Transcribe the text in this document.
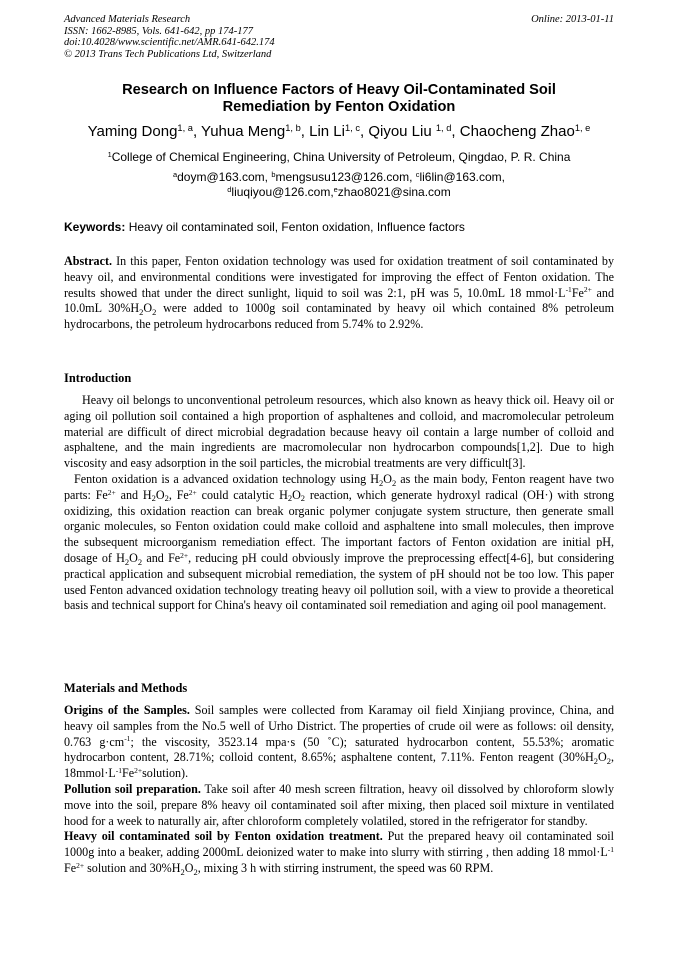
Advanced Materials Research
ISSN: 1662-8985, Vols. 641-642, pp 174-177
doi:10.4028/www.scientific.net/AMR.641-642.174
© 2013 Trans Tech Publications Ltd, Switzerland
Online: 2013-01-11
Research on Influence Factors of Heavy Oil-Contaminated Soil
Remediation by Fenton Oxidation
Yaming Dong$^{1, a}$, Yuhua Meng$^{1, b}$, Lin Li$^{1, c}$, Qiyou Liu $^{1, d}$, Chaocheng Zhao$^{1, e}$
$^1$College of Chemical Engineering, China University of Petroleum, Qingdao, P. R. China
$^a$doym@163.com, $^b$mengsusu123@126.com, $^c$li6lin@163.com,
$^d$liuqiyou@126.com,$^e$zhao8021@sina.com
Keywords: Heavy oil contaminated soil, Fenton oxidation, Influence factors
Abstract. In this paper, Fenton oxidation technology was used for oxidation treatment of soil contaminated by heavy oil, and environmental conditions were investigated for improving the effect of Fenton oxidation. The results showed that under the direct sunlight, liquid to soil was 2:1, pH was 5, 10.0mL 18 $mmol\cdot L^{-1}Fe^{2+}$ and 10.0mL $30\%H_2O_2$ were added to 1000g soil contaminated by heavy oil which contained 8% petroleum hydrocarbons, the petroleum hydrocarbons reduced from 5.74% to 2.92%.
Introduction

Heavy oil belongs to unconventional petroleum resources, which also known as heavy thick oil. Heavy oil or aging oil pollution soil contained a high proportion of asphaltenes and colloid, and macromolecular petroleum material are difficult of direct microbial degradation because heavy oil contain a large number of colloid and asphaltene, and the main ingredients are macromolecular non hydrocarbon compounds[1,2]. Due to high viscosity and easy adsorption in the soil particles, the microbial treatments are very difficult[3].

Fenton oxidation is a advanced oxidation technology using $H_2O_2$ as the main body, Fenton reagent have two parts: $Fe^{2+}$ and $H_2O_2$, $Fe^{2+}$ could catalytic $H_2O_2$ reaction, which generate hydroxyl radical (OH·) with strong oxidizing, this oxidation reaction can break organic polymer conjugate system structure, then generate small organic molecules, so Fenton oxidation could make colloid and asphaltene into small molecules, then improve the subsequent microorganism remediation effect. The important factors of Fenton oxidation are initial pH, dosage of $H_2O_2$ and $Fe^{2+}$, reducing pH could obviously improve the preprocessing effect[4-6], but considering practical application and subsequent microbial remediation, the system of pH should not be too low. This paper used Fenton advanced oxidation technology treating heavy oil pollution soil, with a view to provide a theoretical basis and technical support for China's heavy oil contaminated soil remediation and aging oil pool management.

Materials and Methods

Origins of the Samples. Soil samples were collected from Karamay oil field Xinjiang province, China, and heavy oil samples from the No.5 well of Urho District. The properties of crude oil were as follows: oil density, 0.763 $g\cdot cm^{-1}$; the viscosity, 3523.14 mpa·s (50 ˚C); saturated hydrocarbon content, 55.53%; aromatic hydrocarbon content, 28.71%; colloid content, 8.65%; asphaltene content, 7.11%. Fenton reagent ($30\%H_2O_2$, $18mmol\cdot L^{-1}Fe^{2+}solution$).

Pollution soil preparation. Take soil after 40 mesh screen filtration, heavy oil dissolved by chloroform slowly move into the soil, prepare 8% heavy oil contaminated soil after mixing, then placed soil mixture in ventilated hood for a week to naturally air, after chloroform completely volatiled, stored in the refrigerator for standby.

Heavy oil contaminated soil by Fenton oxidation treatment. Put the prepared heavy oil contaminated soil 1000g into a beaker, adding 2000mL deionized water to make into slurry with stirring , then adding 18 $mmol\cdot L^{-1}$ $Fe^{2+}$ solution and $30\%H_2O_2$, mixing 3 h with stirring instrument, the speed was 60 RPM.
